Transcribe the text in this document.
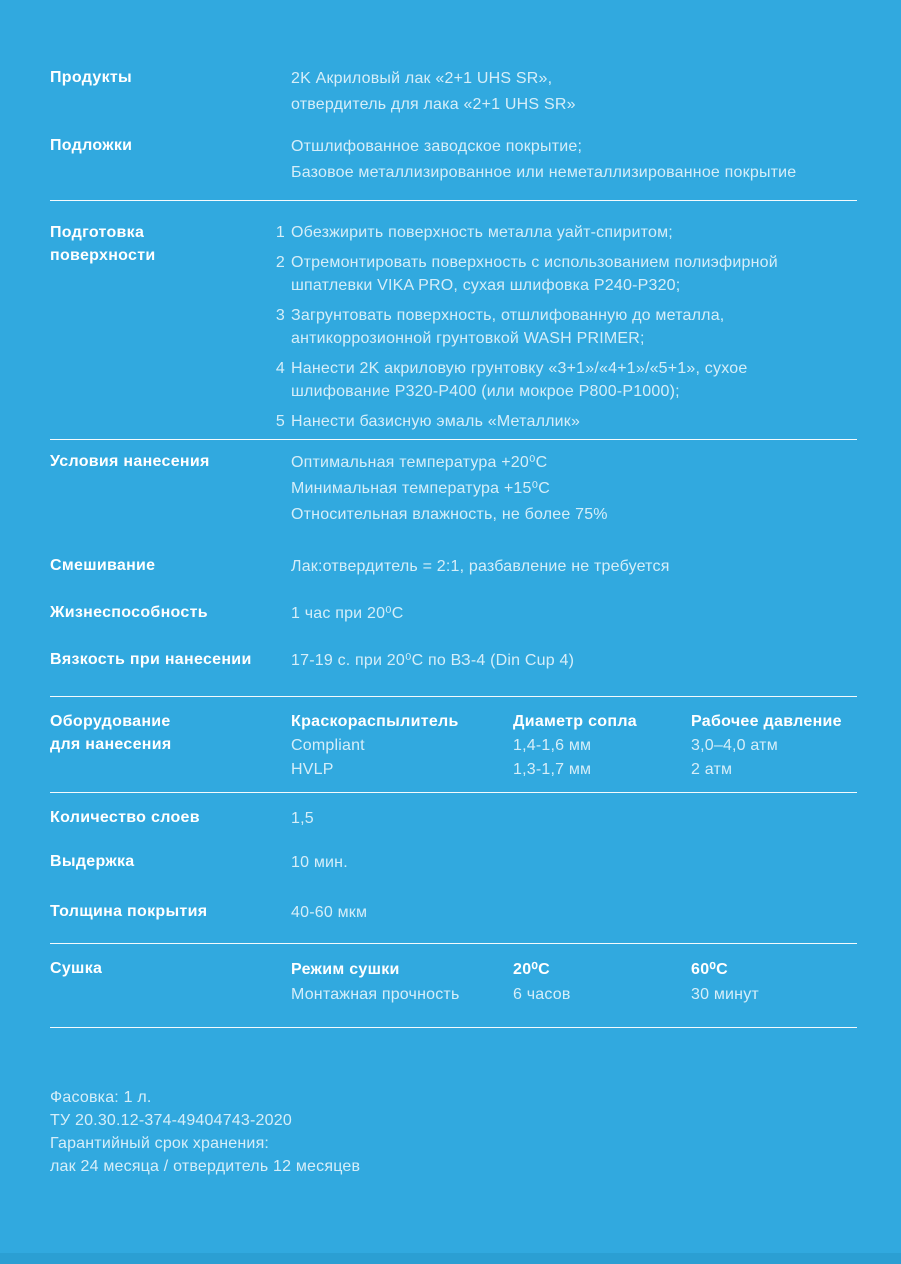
Продукты	2K Акриловый лак «2+1 UHS SR»,
отвердитель для лака «2+1 UHS SR»
Подложки	Отшлифованное заводское покрытие;
Базовое металлизированное или неметаллизированное покрытие
Подготовка
поверхности
1 Обезжирить поверхность металла уайт-спиритом;
2 Отремонтировать поверхность с использованием полиэфирной шпатлевки VIKA PRO, сухая шлифовка P240-P320;
3 Загрунтовать поверхность, отшлифованную до металла, антикоррозионной грунтовкой WASH PRIMER;
4 Нанести 2K акриловую грунтовку «3+1»/«4+1»/«5+1», сухое шлифование P320-P400 (или мокрое P800-P1000);
5 Нанести базисную эмаль «Металлик»
Условия нанесения	Оптимальная температура +20⁰C
Минимальная температура +15⁰C
Относительная влажность, не более 75%
Смешивание	Лак:отвердитель = 2:1, разбавление не требуется
Жизнеспособность	1 час при 20⁰C
Вязкость при нанесении	17-19 с. при 20⁰C по ВЗ-4 (Din Cup 4)
Оборудование
для нанесения
Краскораспылитель	Диаметр сопла	Рабочее давление
Compliant	1,4-1,6 мм	3,0–4,0 атм
HVLP	1,3-1,7 мм	2 атм
Количество слоев	1,5
Выдержка	10 мин.
Толщина покрытия	40-60 мкм
Сушка	Режим сушки	20⁰C	60⁰C
Монтажная прочность	6 часов	30 минут
Фасовка: 1 л.
ТУ 20.30.12-374-49404743-2020
Гарантийный срок хранения:
лак 24 месяца / отвердитель 12 месяцев
